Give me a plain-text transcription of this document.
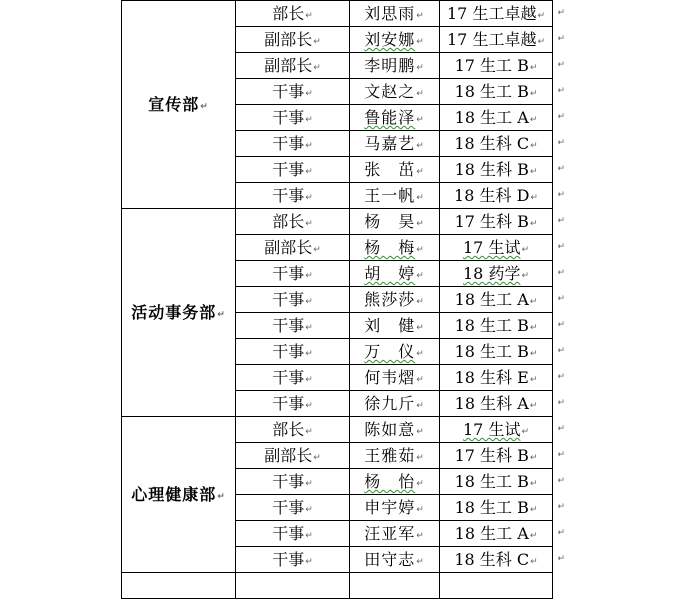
宣传部↵	部长↵	刘思雨↵	17 生工卓越↵ ↵

	副部长↵	刘安娜↵	17 生工卓越↵ ↵

	副部长↵	李明鹏↵	17 生工 B↵ ↵

	干事↵	文赵之↵	18 生工 B↵ ↵

	干事↵	鲁能泽↵	18 生工 A↵ ↵

	干事↵	马嘉艺↵	18 生科 C↵ ↵

	干事↵	张　茁↵	18 生科 B↵ ↵

	干事↵	王一帆↵	18 生科 D↵ ↵

活动事务部↵	部长↵	杨　昊↵	17 生科 B↵ ↵

	副部长↵	杨　梅↵	17 生试↵ ↵

	干事↵	胡　婷↵	18 药学↵ ↵

	干事↵	熊莎莎↵	18 生工 A↵ ↵

	干事↵	刘　健↵	18 生工 B↵ ↵

	干事↵	万　仪↵	18 生工 B↵ ↵

	干事↵	何韦熠↵	18 生科 E↵ ↵

	干事↵	徐九斤↵	18 生科 A↵ ↵

心理健康部↵	部长↵	陈如意↵	17 生试↵ ↵

	副部长↵	王雅茹↵	17 生科 B↵ ↵

	干事↵	杨　怡↵	18 生工 B↵ ↵

	干事↵	申宇婷↵	18 生工 B↵ ↵

	干事↵	汪亚军↵	18 生工 A↵ ↵

	干事↵	田守志↵	18 生科 C↵ ↵
